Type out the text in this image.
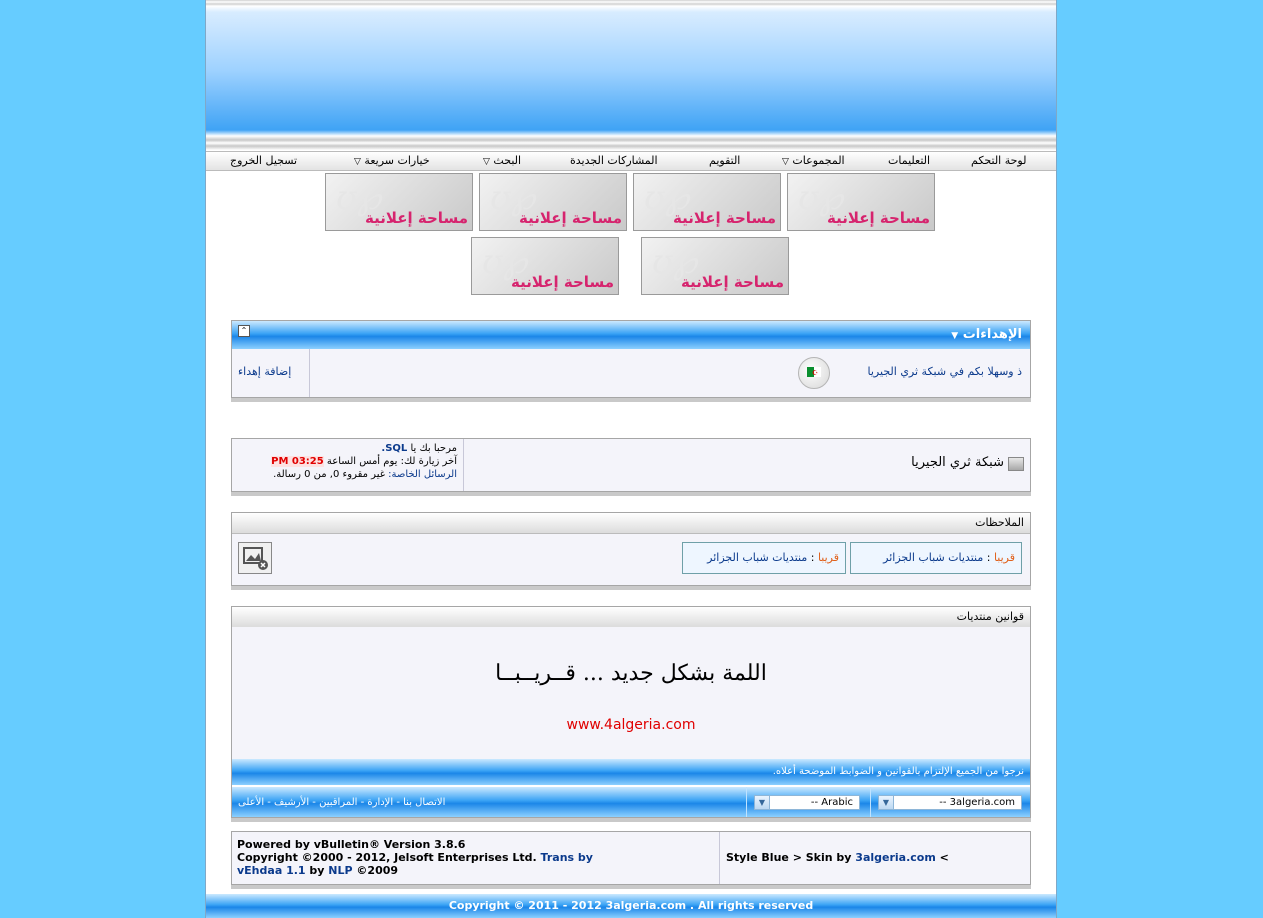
لوحة التحكم
التعليمات
▽ المجموعات
التقويم
المشاركات الجديدة
▽ البحث
▽ خيارات سريعة
تسجيل الخروج
ʊ℘
مساحة إعلانية
ʊ℘
مساحة إعلانية
ʊ℘
مساحة إعلانية
ʊ℘
مساحة إعلانية
ʊ℘
مساحة إعلانية
ʊ℘
مساحة إعلانية
▼ الإهداءات
⌃
ذ وسهلا بكم في شبكة ثري الجيريا
☪
إضافة إهداء
شبكة ثري الجيريا
مرحبا بك يا SQL.
آخر زيارة لك: يوم أمس الساعة 03:25 PM
الرسائل الخاصة: غير مقروء 0, من 0 رسالة.
الملاحظات
قريبا : منتديات شباب الجزائر
قريبا : منتديات شباب الجزائر
قوانين منتديات
اللمة بشكل جديد ... قــريــبــا
www.4algeria.com
نرجوا من الجميع الإلتزام بالقوانين و الضوابط الموضحة أعلاه.
الاتصال بنا - الإدارة - المراقبين - الأرشيف - الأعلى	▼	-- Arabic	▼	-- 3algeria.com
Powered by vBulletin® Version 3.8.6
Copyright ©2000 - 2012, Jelsoft Enterprises Ltd. Trans by
vEhdaa 1.1 by NLP ©2009
Style Blue > Skin by 3algeria.com <
Copyright © 2011 - 2012 3algeria.com . All rights reserved
